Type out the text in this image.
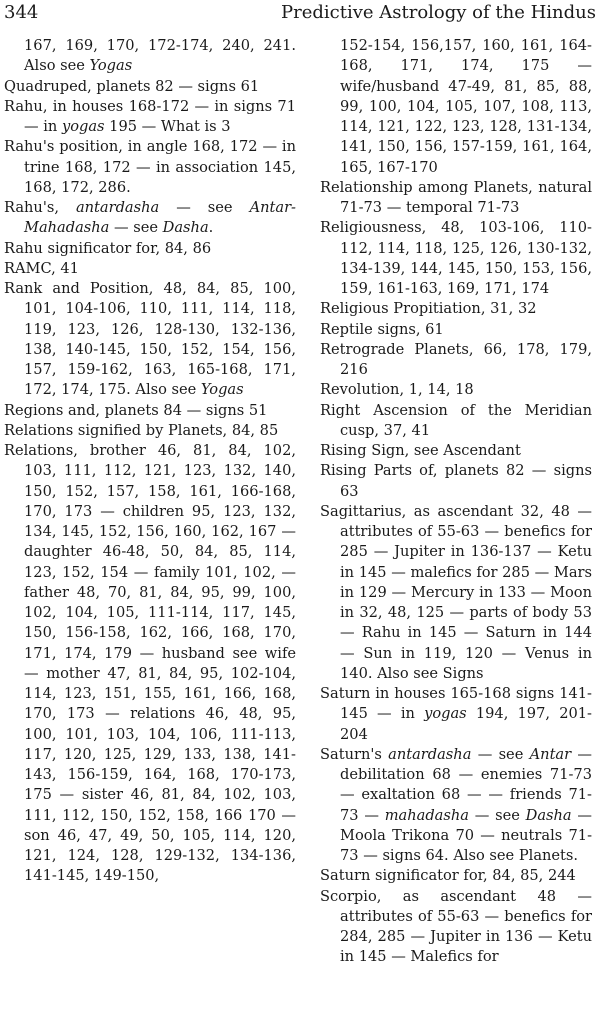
344	Predictive Astrology of the Hindus

167, 169, 170, 172-174, 240, 241. Also see Yogas

Quadruped, planets 82 — signs 61

Rahu, in houses 168-172 — in signs 71 — in yogas 195 — What is 3

Rahu's position, in angle 168, 172 — in trine 168, 172 — in association 145, 168, 172, 286.

Rahu's, antardasha — see Antar-Mahadasha — see Dasha.

Rahu significator for, 84, 86

RAMC, 41

Rank and Position, 48, 84, 85, 100, 101, 104-106, 110, 111, 114, 118, 119, 123, 126, 128-130, 132-136, 138, 140-145, 150, 152, 154, 156, 157, 159-162, 163, 165-168, 171, 172, 174, 175. Also see Yogas

Regions and, planets 84 — signs 51

Relations signified by Planets, 84, 85

Relations, brother 46, 81, 84, 102, 103, 111, 112, 121, 123, 132, 140, 150, 152, 157, 158, 161, 166-168, 170, 173 — children 95, 123, 132, 134, 145, 152, 156, 160, 162, 167 — daughter 46-48, 50, 84, 85, 114, 123, 152, 154 — family 101, 102, — father 48, 70, 81, 84, 95, 99, 100, 102, 104, 105, 111-114, 117, 145, 150, 156-158, 162, 166, 168, 170, 171, 174, 179 — husband see wife — mother 47, 81, 84, 95, 102-104, 114, 123, 151, 155, 161, 166, 168, 170, 173 — relations 46, 48, 95, 100, 101, 103, 104, 106, 111-113, 117, 120, 125, 129, 133, 138, 141-143, 156-159, 164, 168, 170-173, 175 — sister 46, 81, 84, 102, 103, 111, 112, 150, 152, 158, 166 170 — son 46, 47, 49, 50, 105, 114, 120, 121, 124, 128, 129-132, 134-136, 141-145, 149-150,

152-154, 156,157, 160, 161, 164-168, 171, 174, 175 — wife/husband 47-49, 81, 85, 88, 99, 100, 104, 105, 107, 108, 113, 114, 121, 122, 123, 128, 131-134, 141, 150, 156, 157-159, 161, 164, 165, 167-170

Relationship among Planets, natural 71-73 — temporal 71-73

Religiousness, 48, 103-106, 110-112, 114, 118, 125, 126, 130-132, 134-139, 144, 145, 150, 153, 156, 159, 161-163, 169, 171, 174

Religious Propitiation, 31, 32

Reptile signs, 61

Retrograde Planets, 66, 178, 179, 216

Revolution, 1, 14, 18

Right Ascension of the Meridian cusp, 37, 41

Rising Sign, see Ascendant

Rising Parts of, planets 82 — signs 63

Sagittarius, as ascendant 32, 48 — attributes of 55-63 — benefics for 285 — Jupiter in 136-137 — Ketu in 145 — malefics for 285 — Mars in 129 — Mercury in 133 — Moon in 32, 48, 125 — parts of body 53 — Rahu in 145 — Saturn in 144 — Sun in 119, 120 — Venus in 140. Also see Signs

Saturn in houses 165-168 signs 141-145 — in yogas 194, 197, 201-204

Saturn's antardasha — see Antar — debilitation 68 — enemies 71-73 — exaltation 68 — — friends 71-73 — mahadasha — see Dasha — Moola Trikona 70 — neutrals 71-73 — signs 64. Also see Planets.

Saturn significator for, 84, 85, 244

Scorpio, as ascendant 48 — attributes of 55-63 — benefics for 284, 285 — Jupiter in 136 — Ketu in 145 — Malefics for
